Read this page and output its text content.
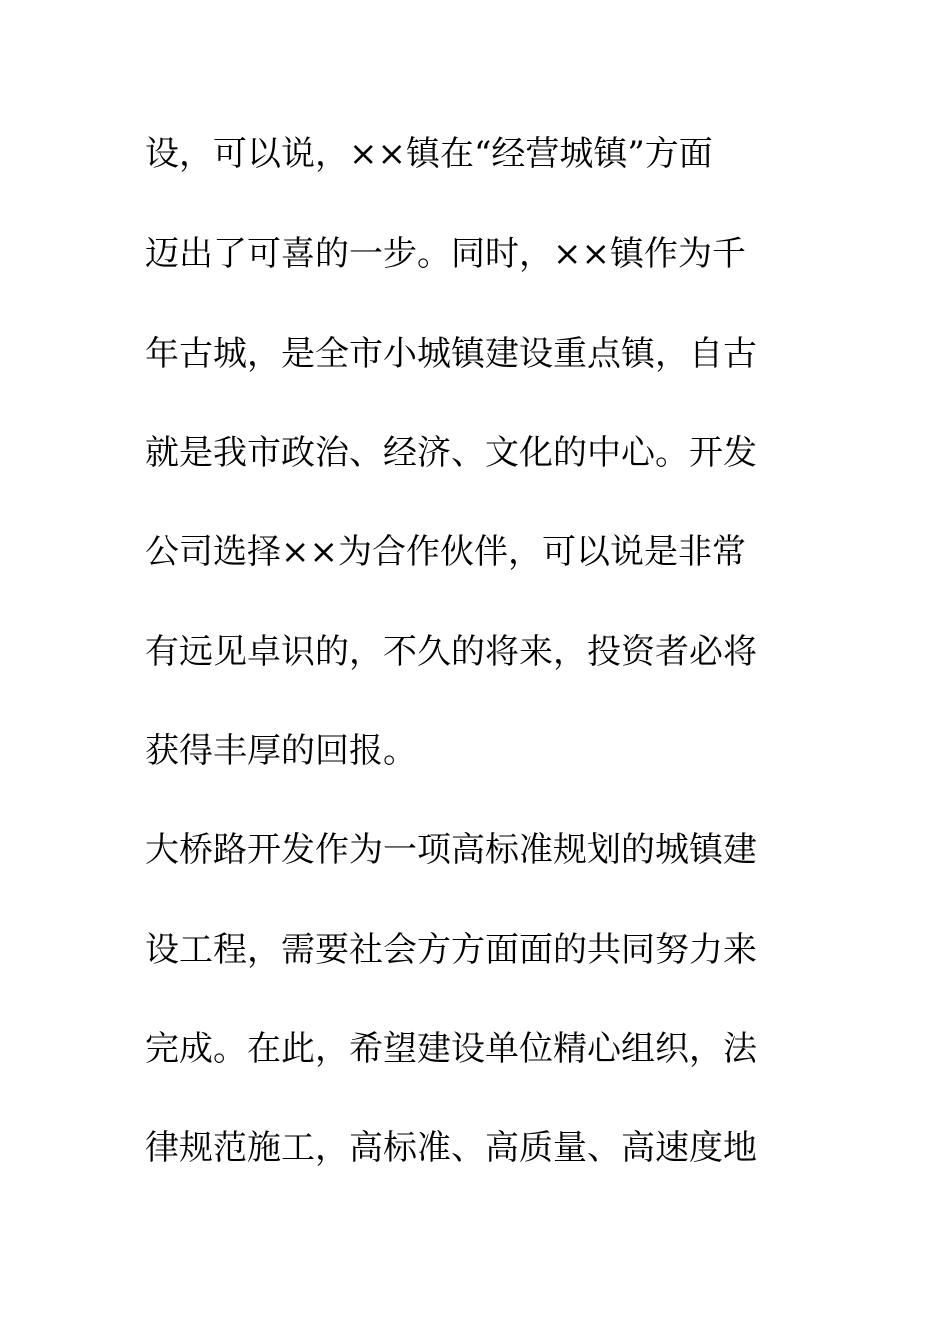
设，可以说，××镇在“经营城镇”方面
迈出了可喜的一步。同时，××镇作为千
年古城，是全市小城镇建设重点镇，自古
就是我市政治、经济、文化的中心。开发
公司选择××为合作伙伴，可以说是非常
有远见卓识的，不久的将来，投资者必将
获得丰厚的回报。
大桥路开发作为一项高标准规划的城镇建
设工程，需要社会方方面面的共同努力来
完成。在此，希望建设单位精心组织，法
律规范施工，高标准、高质量、高速度地
